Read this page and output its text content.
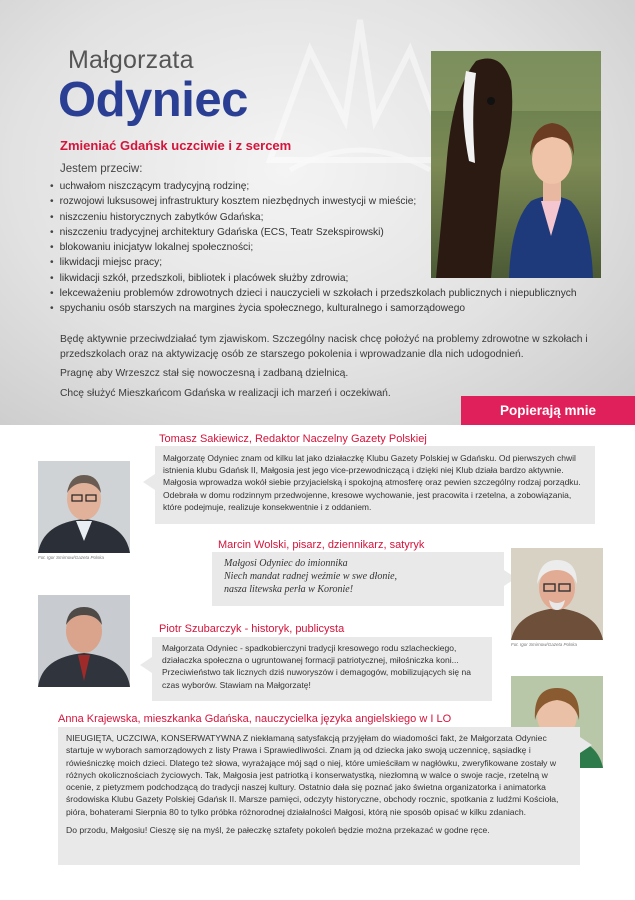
Małgorzata
Odyniec
Zmieniać Gdańsk uczciwie i z sercem
Jestem przeciw:
• uchwałom niszczącym tradycyjną rodzinę;
• rozwojowi luksusowej infrastruktury kosztem niezbędnych inwestycji w mieście;
• niszczeniu historycznych zabytków Gdańska;
• niszczeniu tradycyjnej architektury Gdańska (ECS, Teatr Szekspirowski)
• blokowaniu inicjatyw lokalnej społeczności;
• likwidacji miejsc pracy;
• likwidacji szkół, przedszkoli, bibliotek i placówek służby zdrowia;
• lekceważeniu problemów zdrowotnych dzieci i nauczycieli w szkołach i przedszkolach publicznych i niepublicznych
• spychaniu osób starszych na margines życia społecznego, kulturalnego i samorządowego
Będę aktywnie przeciwdziałać tym zjawiskom. Szczególny nacisk chcę położyć na problemy zdrowotne w szkołach i przedszkolach oraz na aktywizację osób ze starszego pokolenia i wprowadzanie dla nich udogodnień.
Pragnę aby Wrzeszcz stał się nowoczesną i zadbaną dzielnicą.
Chcę służyć Mieszkańcom Gdańska w realizacji ich marzeń i oczekiwań.
Popierają mnie
Tomasz Sakiewicz, Redaktor Naczelny Gazety Polskiej
Fot. Igor Smirnow/Gazeta Polska

Małgorzatę Odyniec znam od kilku lat jako działaczkę Klubu Gazety Polskiej w Gdańsku. Od pierwszych chwil istnienia klubu Gdańsk II, Małgosia jest jego vice-przewodniczącą i dzięki niej Klub działa bardzo aktywnie. Małgosia wprowadza wokół siebie przyjacielską i spokojną atmosferę oraz pewien szczególny rodzaj porządku. Odebrała w domu rodzinnym przedwojenne, kresowe wychowanie, jest pracowita i rzetelna, a zobowiązania, które podejmuje, realizuje konsekwentnie i z oddaniem.

Marcin Wolski, pisarz, dziennikarz, satyryk

Małgosi Odyniec do imionnika

Niech mandat radnej weźmie w swe dłonie,

nasza litewska perła w Koronie!

Fot. Igor Smirnow/Gazeta Polska
Piotr Szubarczyk - historyk, publicysta

Małgorzata Odyniec - spadkobierczyni tradycji kresowego rodu szlacheckiego, działaczka społeczna o ugruntowanej formacji patriotycznej, miłośniczka koni... Przeciwieństwo tak licznych dziś nuworyszów i demagogów, mobilizujących się na czas wyborów. Stawiam na Małgorzatę!

Anna Krajewska, mieszkanka Gdańska, nauczycielka języka angielskiego w I LO

NIEUGIĘTA, UCZCIWA, KONSERWATYWNA Z niekłamaną satysfakcją przyjęłam do wiadomości fakt, że Małgorzata Odyniec startuje w wyborach samorządowych z listy Prawa i Sprawiedliwości. Znam ją od dziecka jako swoją uczennicę, sąsiadkę i rówieśniczkę moich dzieci. Dlatego też słowa, wyrażające mój sąd o niej, które umieściłam w nagłówku, zweryfikowane zostały w różnych okolicznościach życiowych. Tak, Małgosia jest patriotką i konserwatystką, niezłomną w walce o swoje racje, rzetelną w ocenie, z pietyzmem podchodzącą do tradycji naszej kultury. Ostatnio dała się poznać jako świetna organizatorka i animatorka środowiska Klubu Gazety Polskiej Gdańsk II. Marsze pamięci, odczyty historyczne, obchody rocznic, spotkania z ludźmi Kościoła, pióra, bohaterami Sierpnia 80 to tylko próbka różnorodnej działalności Małgosi, którą nie sposób opisać w kilku zdaniach.

Do przodu, Małgosiu! Cieszę się na myśl, że pałeczkę sztafety pokoleń będzie można przekazać w godne ręce.
